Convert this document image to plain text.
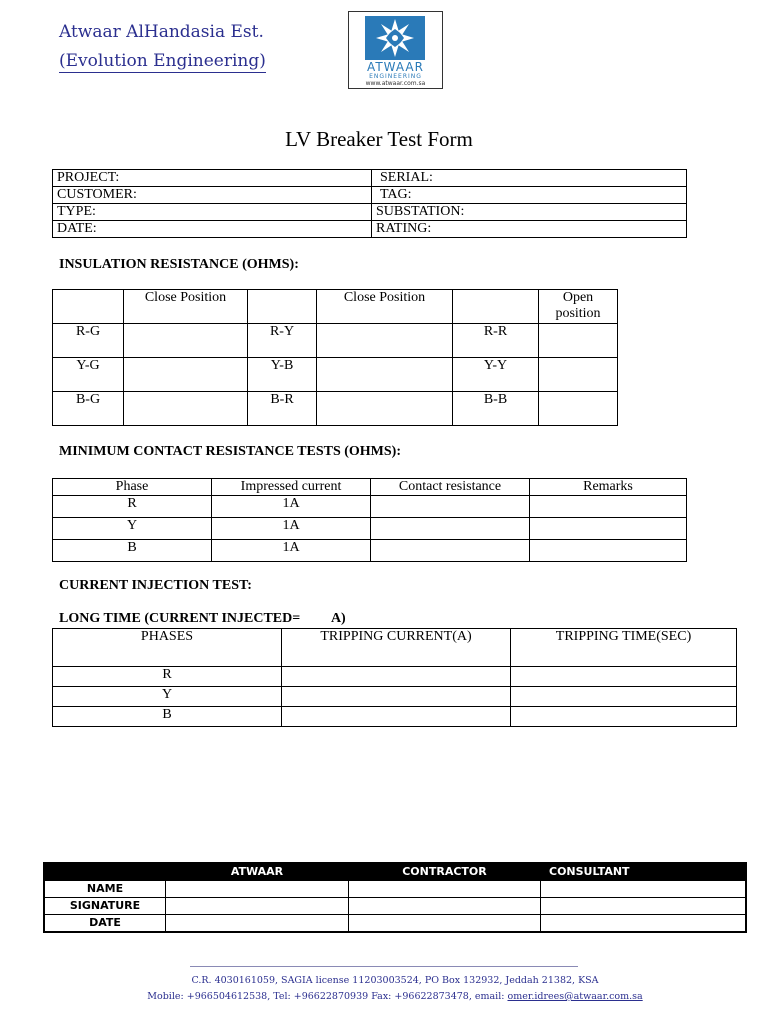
Atwaar AlHandasia Est.
(Evolution Engineering)	ATWAAR
ENGINEERING
www.atwaar.com.sa
LV Breaker Test Form
PROJECT:	SERIAL:
CUSTOMER:	TAG:
TYPE:	SUBSTATION:
DATE:	RATING:
INSULATION RESISTANCE (OHMS):
	Close Position		Close Position		Open position
R-G		R-Y		R-R	
Y-G		Y-B		Y-Y	
B-G		B-R		B-B	
MINIMUM CONTACT RESISTANCE TESTS (OHMS):
Phase	Impressed current	Contact resistance	Remarks
R	1A		
Y	1A		
B	1A		
CURRENT INJECTION TEST:
LONG TIME (CURRENT INJECTED=         A)
PHASES	TRIPPING CURRENT(A)	TRIPPING TIME(SEC)
R		
Y		
B		
	ATWAAR	CONTRACTOR	CONSULTANT
NAME			
SIGNATURE			
DATE			
C.R. 4030161059, SAGIA license 11203003524, PO Box 132932, Jeddah 21382, KSA
Mobile: +966504612538, Tel: +96622870939 Fax: +96622873478, email: omer.idrees@atwaar.com.sa
